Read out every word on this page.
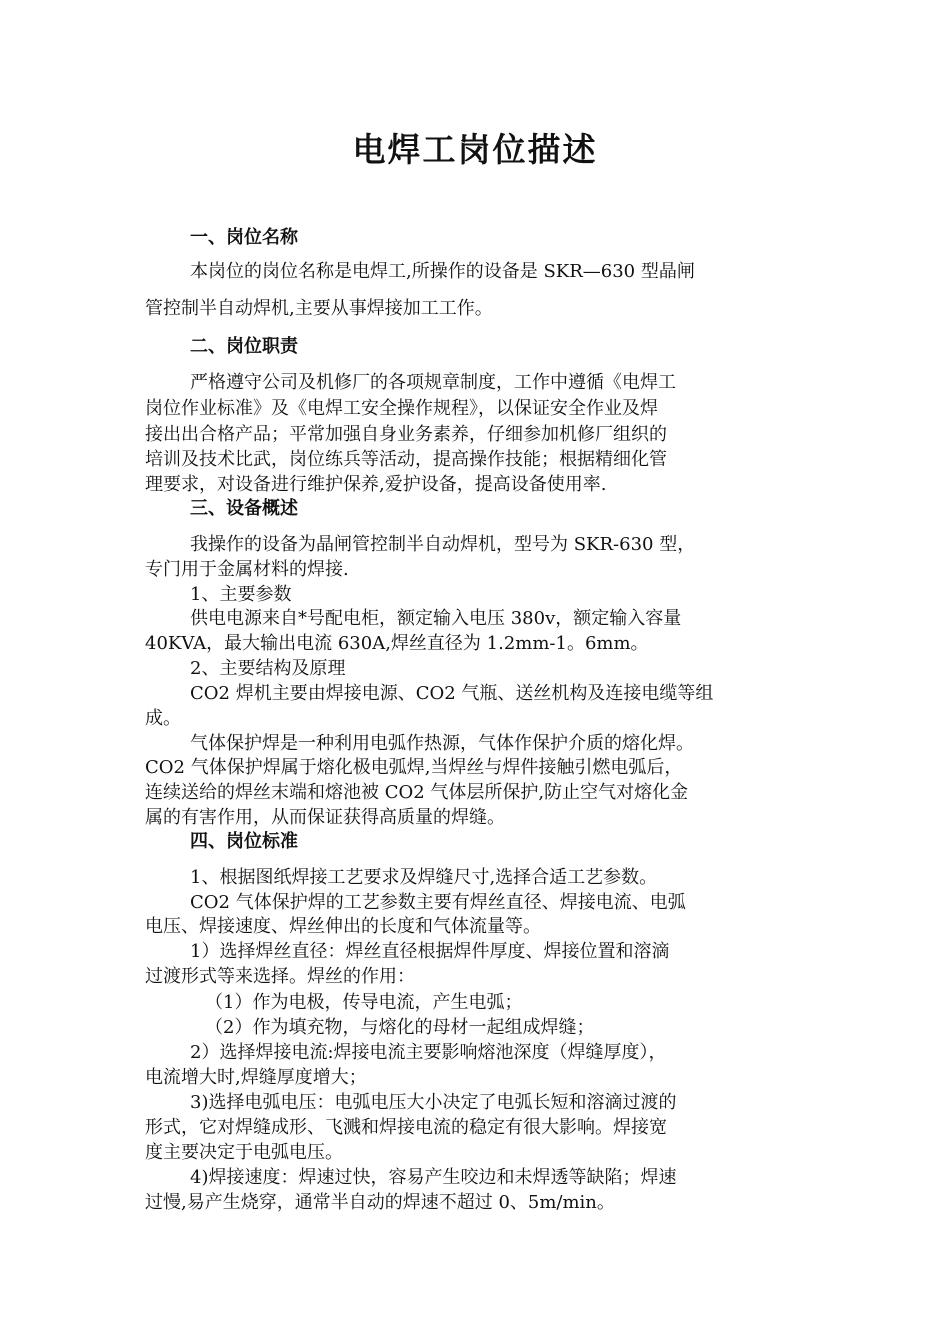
电焊工岗位描述
一、岗位名称
本岗位的岗位名称是电焊工,所操作的设备是 SKR—630 型晶闸
管控制半自动焊机,主要从事焊接加工工作。
二、岗位职责
严格遵守公司及机修厂的各项规章制度，工作中遵循《电焊工
岗位作业标准》及《电焊工安全操作规程》，以保证安全作业及焊
接出出合格产品；平常加强自身业务素养，仔细参加机修厂组织的
培训及技术比武，岗位练兵等活动，提高操作技能；根据精细化管
理要求，对设备进行维护保养,爱护设备，提高设备使用率.
三、设备概述
我操作的设备为晶闸管控制半自动焊机，型号为 SKR-630 型，
专门用于金属材料的焊接.
1、主要参数
供电电源来自*号配电柜，额定输入电压 380v，额定输入容量
40KVA，最大输出电流 630A,焊丝直径为 1.2mm-1。6mm。
2、主要结构及原理
CO2 焊机主要由焊接电源、CO2 气瓶、送丝机构及连接电缆等组
成。
气体保护焊是一种利用电弧作热源，气体作保护介质的熔化焊。
CO2 气体保护焊属于熔化极电弧焊,当焊丝与焊件接触引燃电弧后，
连续送给的焊丝末端和熔池被 CO2 气体层所保护,防止空气对熔化金
属的有害作用，从而保证获得高质量的焊缝。
四、岗位标准
1、根据图纸焊接工艺要求及焊缝尺寸,选择合适工艺参数。
CO2 气体保护焊的工艺参数主要有焊丝直径、焊接电流、电弧
电压、焊接速度、焊丝伸出的长度和气体流量等。
1）选择焊丝直径：焊丝直径根据焊件厚度、焊接位置和溶滴
过渡形式等来选择。焊丝的作用：
（1）作为电极，传导电流，产生电弧；
（2）作为填充物，与熔化的母材一起组成焊缝；
2）选择焊接电流:焊接电流主要影响熔池深度（焊缝厚度），
电流增大时,焊缝厚度增大；
3)选择电弧电压：电弧电压大小决定了电弧长短和溶滴过渡的
形式，它对焊缝成形、飞溅和焊接电流的稳定有很大影响。焊接宽
度主要决定于电弧电压。
4)焊接速度：焊速过快，容易产生咬边和未焊透等缺陷；焊速
过慢,易产生烧穿，通常半自动的焊速不超过 0、5m/min。
